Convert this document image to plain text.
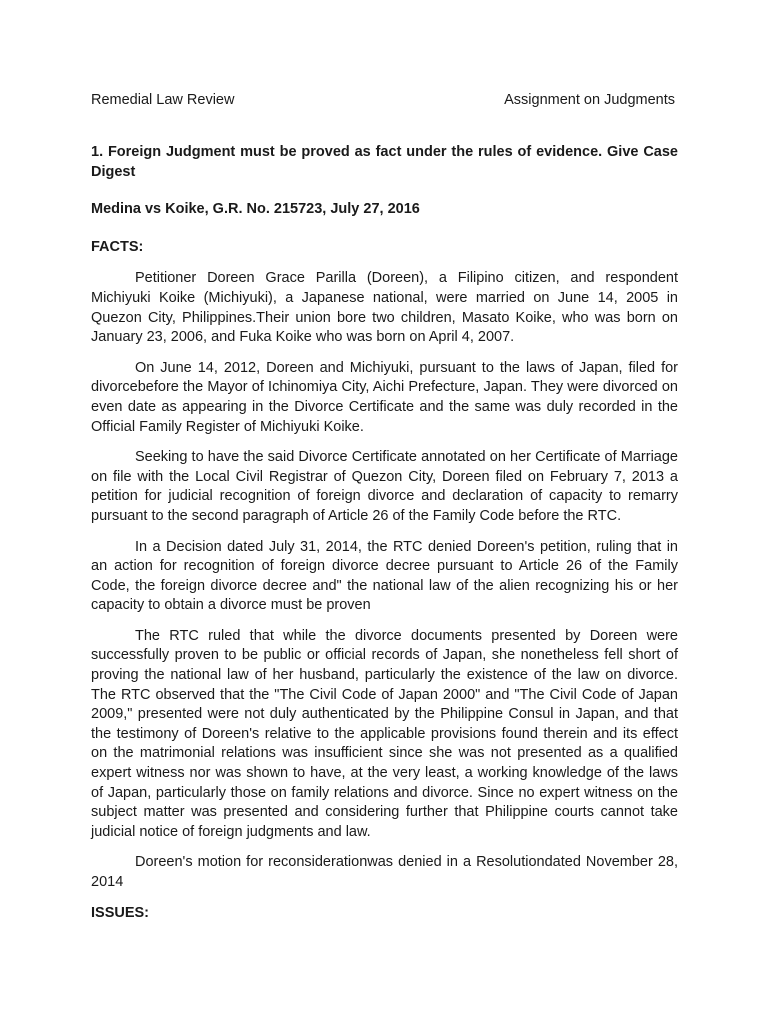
Remedial Law Review	Assignment on Judgments

1. Foreign Judgment must be proved as fact under the rules of evidence. Give Case Digest

Medina vs Koike, G.R. No. 215723, July 27, 2016

FACTS:

Petitioner Doreen Grace Parilla (Doreen), a Filipino citizen, and respondent Michiyuki Koike (Michiyuki), a Japanese national, were married on June 14, 2005 in Quezon City, Philippines.Their union bore two children, Masato Koike, who was born on January 23, 2006, and Fuka Koike who was born on April 4, 2007.

On June 14, 2012, Doreen and Michiyuki, pursuant to the laws of Japan, filed for divorcebefore the Mayor of Ichinomiya City, Aichi Prefecture, Japan. They were divorced on even date as appearing in the Divorce Certificate and the same was duly recorded in the Official Family Register of Michiyuki Koike.

Seeking to have the said Divorce Certificate annotated on her Certificate of Marriage on file with the Local Civil Registrar of Quezon City, Doreen filed on February 7, 2013 a petition for judicial recognition of foreign divorce and declaration of capacity to remarry pursuant to the second paragraph of Article 26 of the Family Code before the RTC.

In a Decision dated July 31, 2014, the RTC denied Doreen's petition, ruling that in an action for recognition of foreign divorce decree pursuant to Article 26 of the Family Code, the foreign divorce decree and" the national law of the alien recognizing his or her capacity to obtain a divorce must be proven

The RTC ruled that while the divorce documents presented by Doreen were successfully proven to be public or official records of Japan, she nonetheless fell short of proving the national law of her husband, particularly the existence of the law on divorce. The RTC observed that the "The Civil Code of Japan 2000" and "The Civil Code of Japan 2009," presented were not duly authenticated by the Philippine Consul in Japan, and that the testimony of Doreen's relative to the applicable provisions found therein and its effect on the matrimonial relations was insufficient since she was not presented as a qualified expert witness nor was shown to have, at the very least, a working knowledge of the laws of Japan, particularly those on family relations and divorce. Since no expert witness on the subject matter was presented and considering further that Philippine courts cannot take judicial notice of foreign judgments and law.

Doreen's motion for reconsiderationwas denied in a Resolutiondated November 28, 2014

ISSUES:
